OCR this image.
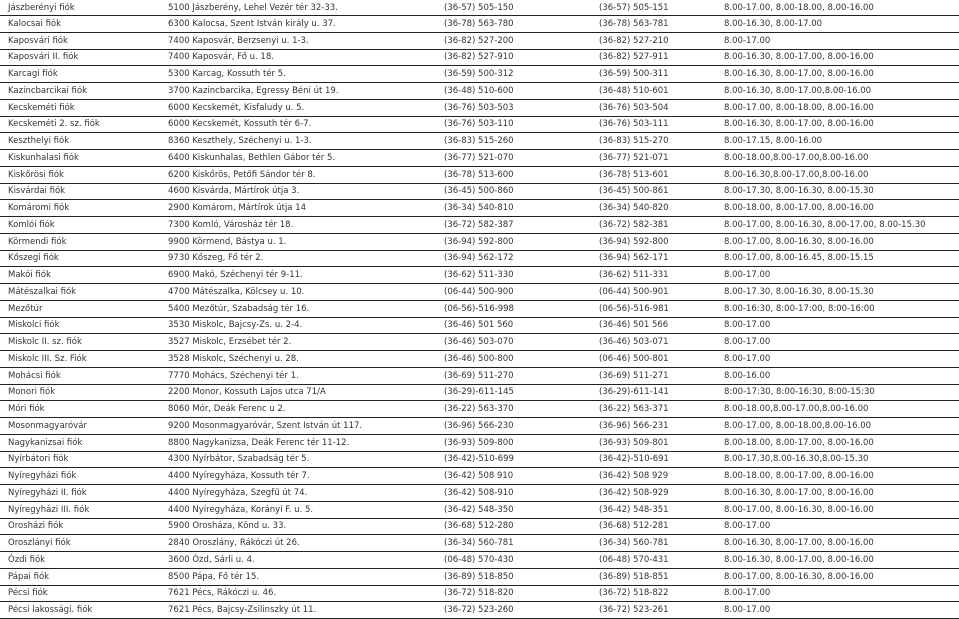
Jászberényi fiók	5100 Jászberény, Lehel Vezér tér 32-33.	(36-57) 505-150	(36-57) 505-151	8.00-17.00, 8.00-18.00, 8.00-16.00
Kalocsai fiók	6300 Kalocsa, Szent István király u. 37.	(36-78) 563-780	(36-78) 563-781	8.00-16.30, 8.00-17.00
Kaposvári fiók	7400 Kaposvár, Berzsenyi u. 1-3.	(36-82) 527-200	(36-82) 527-210	8.00-17.00
Kaposvári II. fiók	7400 Kaposvár, Fő u. 18.	(36-82) 527-910	(36-82) 527-911	8.00-16.30, 8.00-17.00, 8.00-16.00
Karcagi fiók	5300 Karcag, Kossuth tér 5.	(36-59) 500-312	(36-59) 500-311	8.00-16.30, 8.00-17.00, 8.00-16.00
Kazincbarcikai fiók	3700 Kazincbarcika, Egressy Béni út 19.	(36-48) 510-600	(36-48) 510-601	8.00-16.30, 8.00-17.00,8.00-16.00
Kecskeméti fiók	6000 Kecskemét, Kisfaludy u. 5.	(36-76) 503-503	(36-76) 503-504	8.00-17.00, 8.00-18.00, 8.00-16.00
Kecskeméti 2. sz. fiók	6000 Kecskemét, Kossuth tér 6-7.	(36-76) 503-110	(36-76) 503-111	8.00-16.30, 8.00-17.00, 8.00-16.00
Keszthelyi fiók	8360 Keszthely, Széchenyi u. 1-3.	(36-83) 515-260	(36-83) 515-270	8.00-17.15, 8.00-16.00
Kiskunhalasi fiók	6400 Kiskunhalas, Bethlen Gábor tér 5.	(36-77) 521-070	(36-77) 521-071	8.00-18.00,8.00-17.00,8.00-16.00
Kiskőrösi fiók	6200 Kiskőrös, Petőfi Sándor tér 8.	(36-78) 513-600	(36-78) 513-601	8.00-16.30,8.00-17.00,8.00-16.00
Kisvárdai fiók	4600 Kisvárda, Mártírok útja 3.	(36-45) 500-860	(36-45) 500-861	8.00-17.30, 8.00-16.30, 8.00-15.30
Komáromi fiók	2900 Komárom, Mártírok útja 14	(36-34) 540-810	(36-34) 540-820	8.00-18.00, 8.00-17.00, 8.00-16.00
Komlói fiók	7300 Komló, Városház tér 18.	(36-72) 582-387	(36-72) 582-381	8.00-17.00, 8.00-16.30, 8.00-17.00, 8.00-15.30
Körmendi fiók	9900 Körmend, Bástya u. 1.	(36-94) 592-800	(36-94) 592-800	8.00-17.00, 8.00-16.30, 8.00-16.00
Kőszegi fiók	9730 Kőszeg, Fő tér 2.	(36-94) 562-172	(36-94) 562-171	8.00-17.00, 8.00-16.45, 8.00-15.15
Makói fiók	6900 Makó, Széchenyi tér 9-11.	(36-62) 511-330	(36-62) 511-331	8.00-17.00
Mátészalkai fiók	4700 Mátészalka, Kölcsey u. 10.	(06-44) 500-900	(06-44) 500-901	8.00-17.30, 8.00-16.30, 8.00-15.30
Mezőtúr	5400 Mezőtúr, Szabadság tér 16.	(06-56)-516-998	(06-56)-516-981	8.00-16:30, 8:00-17:00, 8:00-16:00
Miskolci fiók	3530 Miskolc, Bajcsy-Zs. u. 2-4.	(36-46) 501 560	(36-46) 501 566	8.00-17.00
Miskolc II. sz. fiók	3527 Miskolc, Erzsébet tér 2.	(36-46) 503-070	(36-46) 503-071	8.00-17.00
Miskolc III. Sz. Fiók	3528 Miskolc, Széchenyi u. 28.	(36-46) 500-800	(06-46) 500-801	8.00-17.00
Mohácsi fiók	7770 Mohács, Széchenyi tér 1.	(36-69) 511-270	(36-69) 511-271	8.00-16.00
Monori fiók	2200 Monor, Kossuth Lajos utca 71/A	(36-29)-611-145	(36-29)-611-141	8:00-17:30, 8:00-16:30, 8:00-15:30
Móri fiók	8060 Mór, Deák Ferenc u 2.	(36-22) 563-370	(36-22) 563-371	8.00-18.00,8.00-17.00,8.00-16.00
Mosonmagyaróvár	9200 Mosonmagyaróvár, Szent István út 117.	(36-96) 566-230	(36-96) 566-231	8.00-17.00, 8.00-18.00,8.00-16.00
Nagykanizsai fiók	8800 Nagykanizsa, Deák Ferenc tér 11-12.	(36-93) 509-800	(36-93) 509-801	8.00-18.00, 8.00-17.00, 8.00-16.00
Nyírbátori fiók	4300 Nyírbátor, Szabadság tér 5.	(36-42)-510-699	(36-42)-510-691	8.00-17.30,8.00-16.30,8.00-15.30
Nyíregyházi fiók	4400 Nyíregyháza, Kossuth tér 7.	(36-42) 508 910	(36-42) 508 929	8.00-18.00, 8.00-17.00, 8.00-16.00
Nyíregyházi II. fiók	4400 Nyíregyháza, Szegfű út 74.	(36-42) 508-910	(36-42) 508-929	8.00-16.30, 8.00-17.00, 8.00-16.00
Nyíregyházi III. fiók	4400 Nyíregyháza, Korányi F. u. 5.	(36-42) 548-350	(36-42) 548-351	8.00-17.00, 8.00-16.30, 8.00-16.00
Orosházi fiók	5900 Orosháza, Kōnd u. 33.	(36-68) 512-280	(36-68) 512-281	8.00-17.00
Oroszlányi fiók	2840 Oroszlány, Rákóczi út 26.	(36-34) 560-781	(36-34) 560-781	8.00-16.30, 8.00-17.00, 8.00-16.00
Ózdi fiók	3600 Ózd, Sárli u. 4.	(06-48) 570-430	(06-48) 570-431	8.00-16.30, 8.00-17.00, 8.00-16.00
Pápai fiók	8500 Pápa, Fő tér 15.	(36-89) 518-850	(36-89) 518-851	8.00-17.00, 8.00-16.30, 8.00-16.00
Pécsi fiók	7621 Pécs, Rákóczi u. 46.	(36-72) 518-820	(36-72) 518-822	8.00-17.00
Pécsi lakossági. fiók	7621 Pécs, Bajcsy-Zsilinszky út 11.	(36-72) 523-260	(36-72) 523-261	8.00-17.00
